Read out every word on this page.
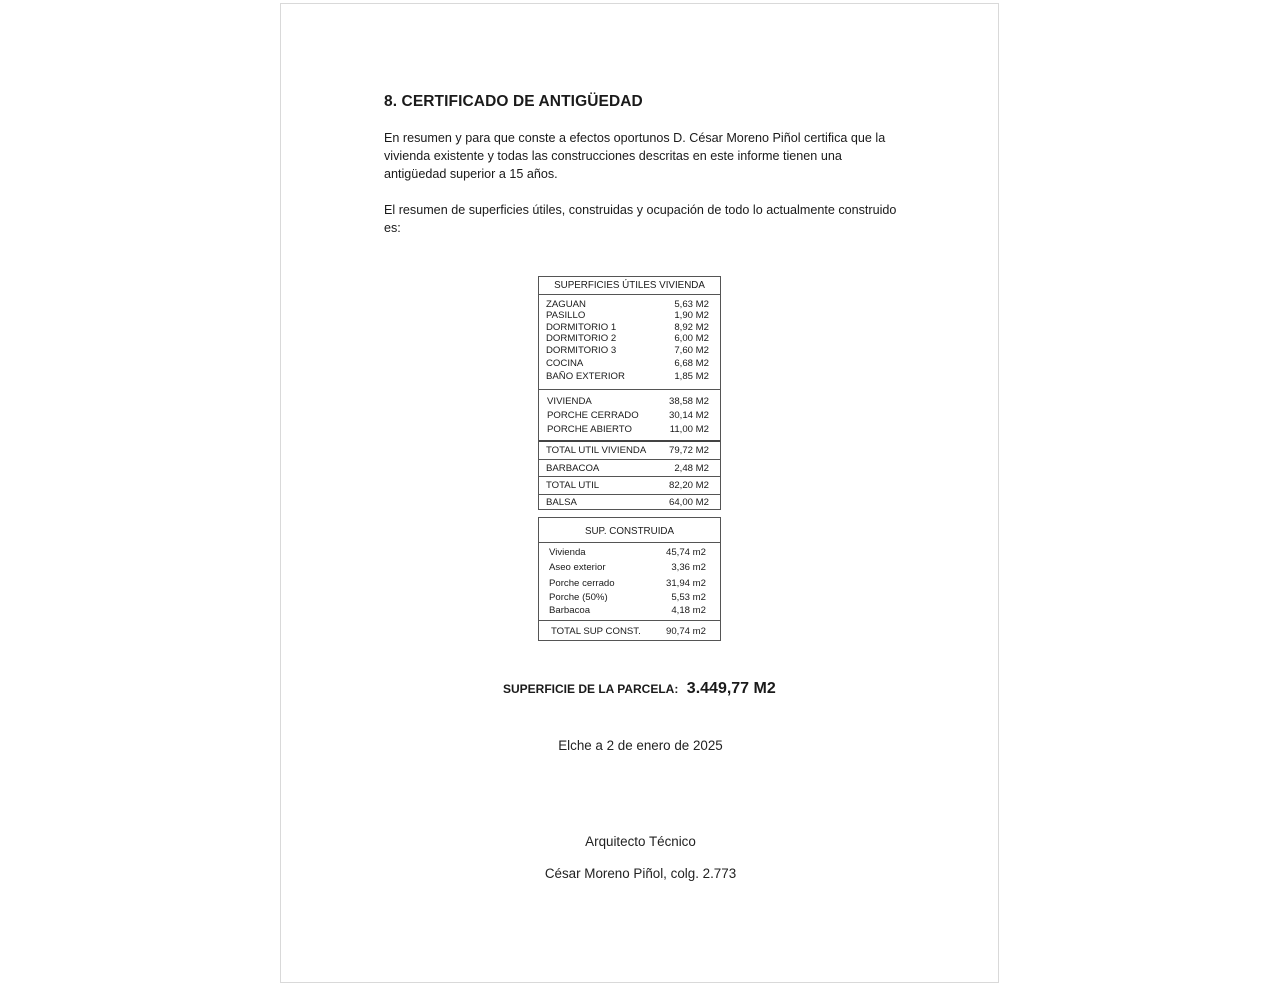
8. CERTIFICADO DE ANTIGÜEDAD
En resumen y para que conste a efectos oportunos D. César Moreno Piñol certifica que la vivienda existente y todas las construcciones descritas en este informe tienen una antigüedad superior a 15 años.
El resumen de superficies útiles, construidas y ocupación de todo lo actualmente construido es:
SUPERFICIES ÚTILES VIVIENDA
ZAGUAN	5,63 M2
PASILLO	1,90 M2
DORMITORIO 1	8,92 M2
DORMITORIO 2	6,00 M2
DORMITORIO 3	7,60 M2
COCINA	6,68 M2
BAÑO EXTERIOR	1,85 M2
VIVIENDA	38,58 M2
PORCHE CERRADO	30,14 M2
PORCHE ABIERTO	11,00 M2
TOTAL UTIL VIVIENDA 79,72 M2
BARBACOA	2,48 M2
TOTAL UTIL	82,20 M2
BALSA	64,00 M2
SUP. CONSTRUIDA
Vivienda	45,74 m2
Aseo exterior	3,36 m2
Porche cerrado	31,94 m2
Porche (50%)	5,53 m2
Barbacoa	4,18 m2
TOTAL SUP CONST.	90,74 m2
SUPERFICIE DE LA PARCELA: 3.449,77 M2
Elche a 2 de enero de 2025
Arquitecto Técnico
César Moreno Piñol, colg. 2.773
